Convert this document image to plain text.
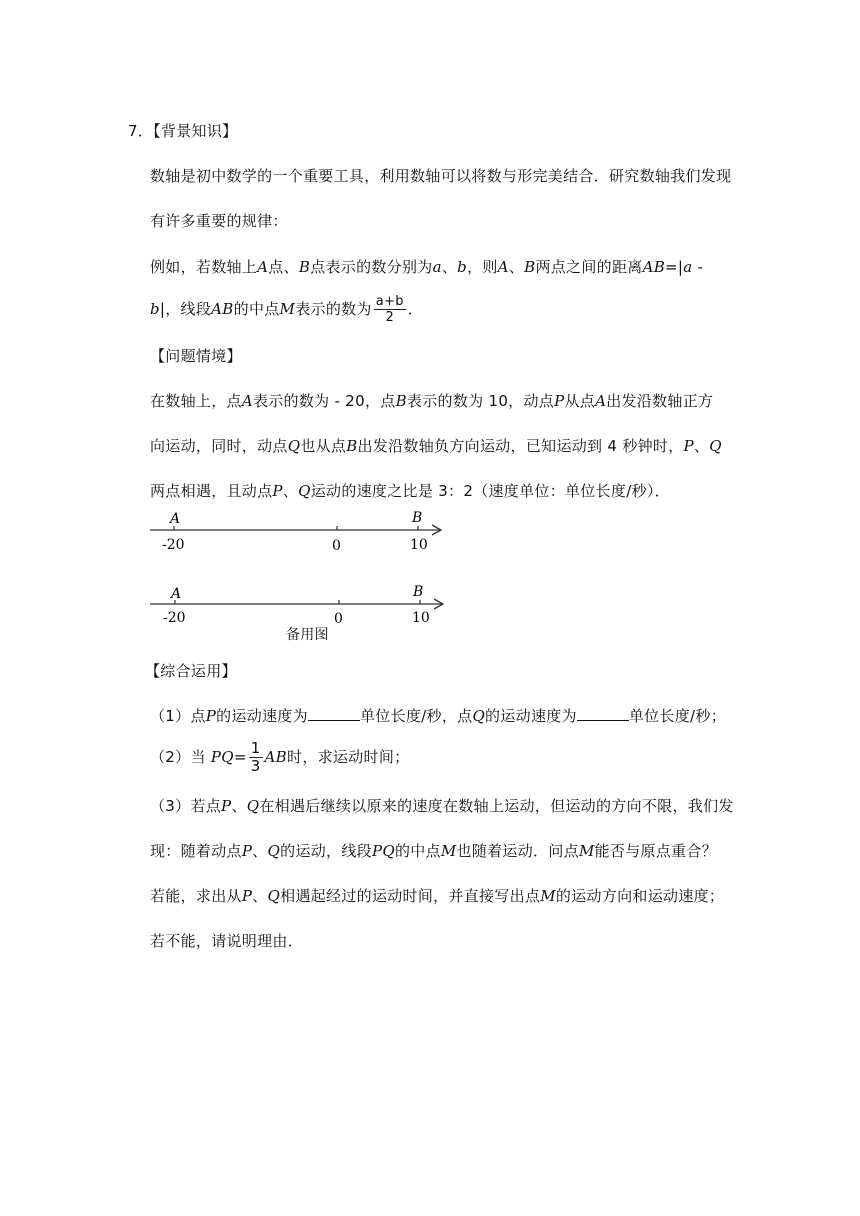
7．【背景知识】
数轴是初中数学的一个重要工具，利用数轴可以将数与形完美结合．研究数轴我们发现
有许多重要的规律：
例如，若数轴上A点、B点表示的数分别为a、b，则A、B两点之间的距离AB=|a -
b|，线段AB的中点M表示的数为 $\frac{a+b}{2}$ ．
【问题情境】
在数轴上，点A表示的数为 - 20，点B表示的数为 10，动点P从点A出发沿数轴正方
向运动，同时，动点Q也从点B出发沿数轴负方向运动，已知运动到 4 秒钟时，P、Q
两点相遇，且动点P、Q运动的速度之比是 3：2（速度单位：单位长度/秒）．
A	B
-20	0	10
A	B
-20	0	10
备用图
【综合运用】
（1）点P的运动速度为	单位长度/秒，点Q的运动速度为	单位长度/秒；
（2）当 $PQ= \frac{1}{3}$ AB时，求运动时间；
（3）若点P、Q在相遇后继续以原来的速度在数轴上运动，但运动的方向不限，我们发
现：随着动点P、Q的运动，线段PQ的中点M也随着运动．问点M能否与原点重合？
若能，求出从P、Q相遇起经过的运动时间，并直接写出点M的运动方向和运动速度；
若不能，请说明理由．
